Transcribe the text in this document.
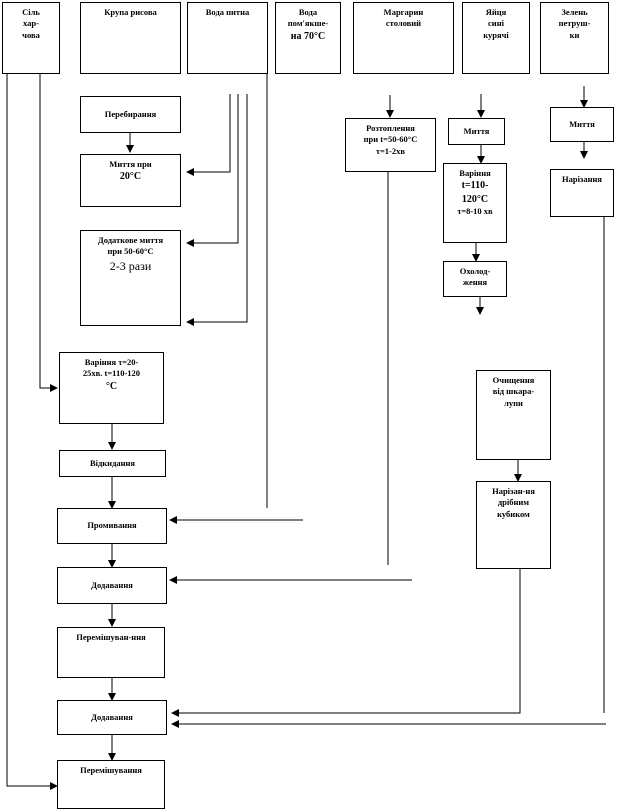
Сіль
хар-
чова
Крупа рисова	Вода питна	Вода
пом'якше-
на 70°С
Маргарин
столовий
Яйця
сині
курячі
Зелень
петруш-
ки
Перебирання
Миття при
20°С
Додаткове миття
при 50-60°С
2-3 рази
Варіння τ=20-
25хв. t=110-120
°С
Відкидання
Промивання
Додавання
Перемішуван-ння
Додавання
Перемішування
Розтоплення
при t=50-60°С
τ=1-2хв
Миття
Варіння
t=110-
120°С
τ=8-10 хв
Охолод-
ження
Очищення
від шкара-
лупи
Нарізан-ня
дрібним
кубиком
Миття
Нарізання
